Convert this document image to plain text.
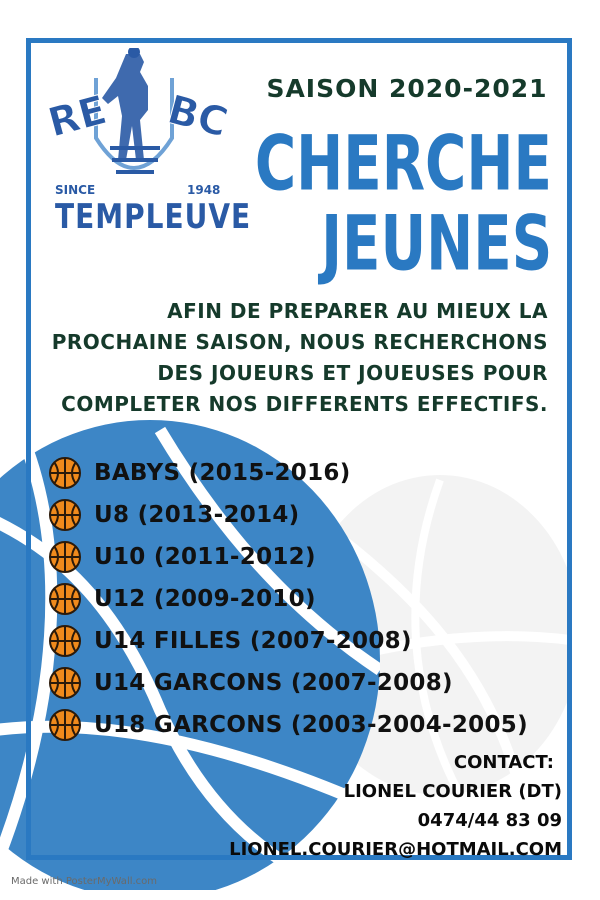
RE BC
SINCE	1948
TEMPLEUVE
SAISON 2020-2021
CHERCHE
JEUNES
AFIN DE PREPARER AU MIEUX LA
PROCHAINE SAISON, NOUS RECHERCHONS
DES JOUEURS ET JOUEUSES POUR
COMPLETER NOS DIFFERENTS EFFECTIFS.
BABYS (2015-2016)
U8 (2013-2014)
U10 (2011-2012)
U12 (2009-2010)
U14 FILLES (2007-2008)
U14 GARCONS (2007-2008)
U18 GARCONS (2003-2004-2005)
CONTACT:
LIONEL COURIER (DT)
0474/44 83 09
LIONEL.COURIER@HOTMAIL.COM
Made with PosterMyWall.com
